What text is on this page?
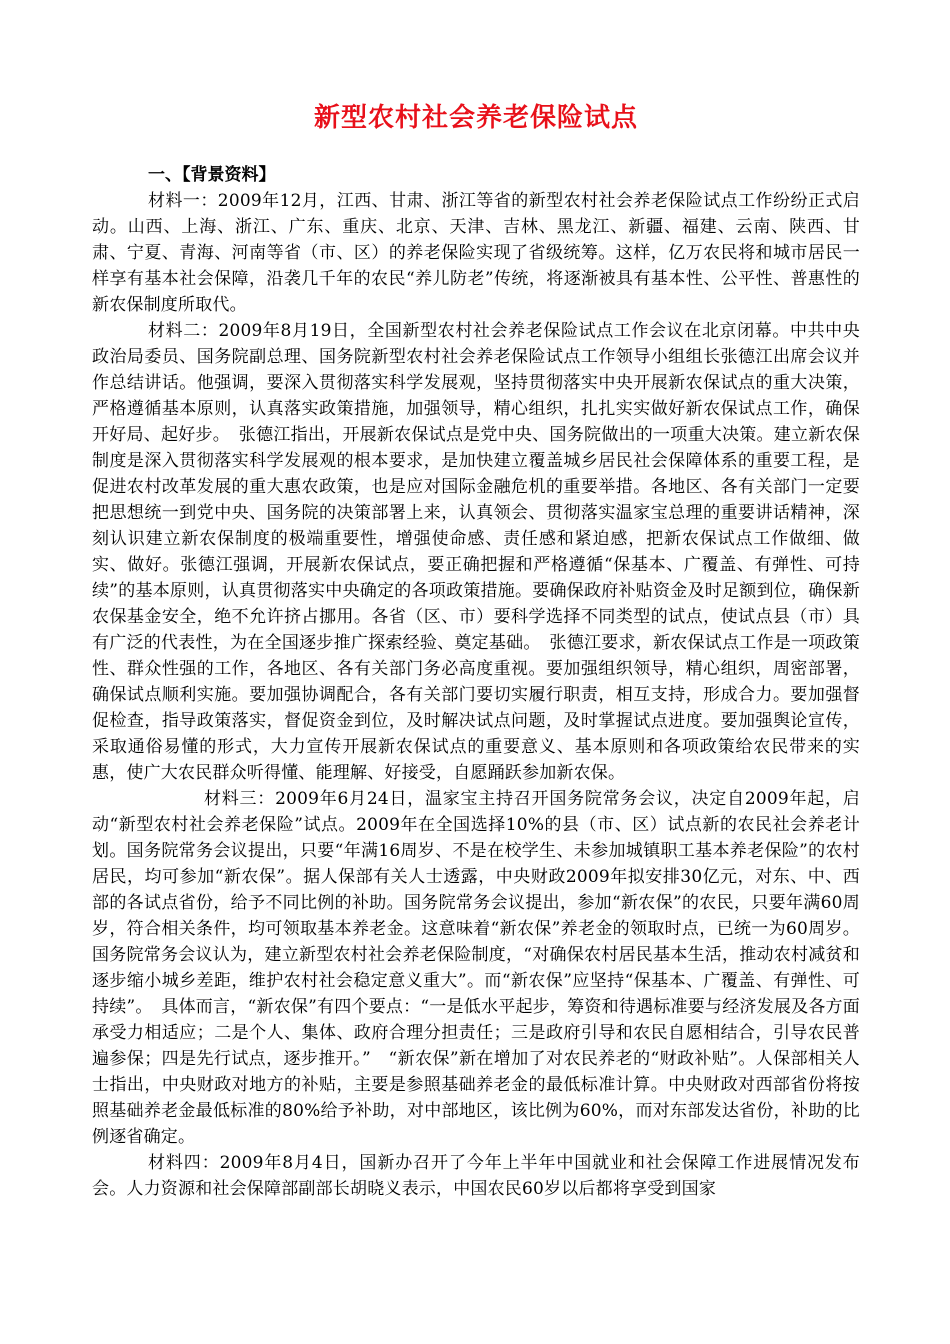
新型农村社会养老保险试点

一、【背景资料】

材料一：2009年12月，江西、甘肃、浙江等省的新型农村社会养老保险试点工作纷纷正式启动。山西、上海、浙江、广东、重庆、北京、天津、吉林、黑龙江、新疆、福建、云南、陕西、甘肃、宁夏、青海、河南等省（市、区）的养老保险实现了省级统筹。这样，亿万农民将和城市居民一样享有基本社会保障，沿袭几千年的农民“养儿防老”传统，将逐渐被具有基本性、公平性、普惠性的新农保制度所取代。

材料二：2009年8月19日，全国新型农村社会养老保险试点工作会议在北京闭幕。中共中央政治局委员、国务院副总理、国务院新型农村社会养老保险试点工作领导小组组长张德江出席会议并作总结讲话。他强调，要深入贯彻落实科学发展观，坚持贯彻落实中央开展新农保试点的重大决策，严格遵循基本原则，认真落实政策措施，加强领导，精心组织，扎扎实实做好新农保试点工作，确保开好局、起好步。　张德江指出，开展新农保试点是党中央、国务院做出的一项重大决策。建立新农保制度是深入贯彻落实科学发展观的根本要求，是加快建立覆盖城乡居民社会保障体系的重要工程，是促进农村改革发展的重大惠农政策，也是应对国际金融危机的重要举措。各地区、各有关部门一定要把思想统一到党中央、国务院的决策部署上来，认真领会、贯彻落实温家宝总理的重要讲话精神，深刻认识建立新农保制度的极端重要性，增强使命感、责任感和紧迫感，把新农保试点工作做细、做实、做好。张德江强调，开展新农保试点，要正确把握和严格遵循“保基本、广覆盖、有弹性、可持续”的基本原则，认真贯彻落实中央确定的各项政策措施。要确保政府补贴资金及时足额到位，确保新农保基金安全，绝不允许挤占挪用。各省（区、市）要科学选择不同类型的试点，使试点县（市）具有广泛的代表性，为在全国逐步推广探索经验、奠定基础。　张德江要求，新农保试点工作是一项政策性、群众性强的工作，各地区、各有关部门务必高度重视。要加强组织领导，精心组织，周密部署，确保试点顺利实施。要加强协调配合，各有关部门要切实履行职责，相互支持，形成合力。要加强督促检查，指导政策落实，督促资金到位，及时解决试点问题，及时掌握试点进度。要加强舆论宣传，采取通俗易懂的形式，大力宣传开展新农保试点的重要意义、基本原则和各项政策给农民带来的实惠，使广大农民群众听得懂、能理解、好接受，自愿踊跃参加新农保。

材料三：2009年6月24日，温家宝主持召开国务院常务会议，决定自2009年起，启动“新型农村社会养老保险”试点。2009年在全国选择10%的县（市、区）试点新的农民社会养老计划。国务院常务会议提出，只要“年满16周岁、不是在校学生、未参加城镇职工基本养老保险”的农村居民，均可参加“新农保”。据人保部有关人士透露，中央财政2009年拟安排30亿元，对东、中、西部的各试点省份，给予不同比例的补助。国务院常务会议提出，参加“新农保”的农民，只要年满60周岁，符合相关条件，均可领取基本养老金。这意味着“新农保”养老金的领取时点，已统一为60周岁。国务院常务会议认为，建立新型农村社会养老保险制度，“对确保农村居民基本生活，推动农村减贫和逐步缩小城乡差距，维护农村社会稳定意义重大”。而“新农保”应坚持“保基本、广覆盖、有弹性、可持续”。　具体而言，“新农保”有四个要点：“一是低水平起步，筹资和待遇标准要与经济发展及各方面承受力相适应；二是个人、集体、政府合理分担责任；三是政府引导和农民自愿相结合，引导农民普遍参保；四是先行试点，逐步推开。”　“新农保”新在增加了对农民养老的“财政补贴”。人保部相关人士指出，中央财政对地方的补贴，主要是参照基础养老金的最低标准计算。中央财政对西部省份将按照基础养老金最低标准的80%给予补助，对中部地区，该比例为60%，而对东部发达省份，补助的比例逐省确定。

材料四：2009年8月4日，国新办召开了今年上半年中国就业和社会保障工作进展情况发布会。人力资源和社会保障部副部长胡晓义表示，中国农民60岁以后都将享受到国家
